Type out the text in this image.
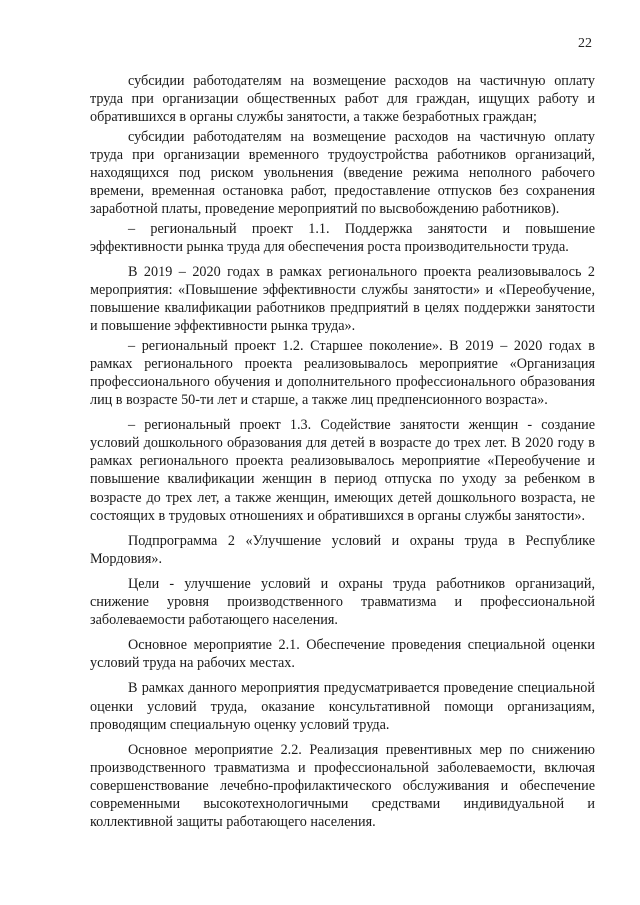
22

субсидии работодателям на возмещение расходов на частичную оплату труда при организации общественных работ для граждан, ищущих работу и обратившихся в органы службы занятости, а также безработных граждан;

субсидии работодателям на возмещение расходов на частичную оплату труда при организации временного трудоустройства работников организаций, находящихся под риском увольнения (введение режима неполного рабочего времени, временная остановка работ, предоставление отпусков без сохранения заработной платы, проведение мероприятий по высвобождению работников).

– региональный проект 1.1. Поддержка занятости и повышение эффективности рынка труда для обеспечения роста производительности труда.

В 2019 – 2020 годах в рамках регионального проекта реализовывалось 2 мероприятия: «Повышение эффективности службы занятости» и «Переобучение, повышение квалификации работников предприятий в целях поддержки занятости и повышение эффективности рынка труда».

– региональный проект 1.2. Старшее поколение». В 2019 – 2020 годах в рамках регионального проекта реализовывалось мероприятие «Организация профессионального обучения и дополнительного профессионального образования лиц в возрасте 50-ти лет и старше, а также лиц предпенсионного возраста».

– региональный проект 1.3. Содействие занятости женщин - создание условий дошкольного образования для детей в возрасте до трех лет. В 2020 году в рамках регионального проекта реализовывалось мероприятие «Переобучение и повышение квалификации женщин в период отпуска по уходу за ребенком в возрасте до трех лет, а также женщин, имеющих детей дошкольного возраста, не состоящих в трудовых отношениях и обратившихся в органы службы занятости».

Подпрограмма 2 «Улучшение условий и охраны труда в Республике Мордовия».

Цели - улучшение условий и охраны труда работников организаций, снижение уровня производственного травматизма и профессиональной заболеваемости работающего населения.

Основное мероприятие 2.1. Обеспечение проведения специальной оценки условий труда на рабочих местах.

В рамках данного мероприятия предусматривается проведение специальной оценки условий труда, оказание консультативной помощи организациям, проводящим специальную оценку условий труда.

Основное мероприятие 2.2. Реализация превентивных мер по снижению производственного травматизма и профессиональной заболеваемости, включая совершенствование лечебно-профилактического обслуживания и обеспечение современными высокотехнологичными средствами индивидуальной и коллективной защиты работающего населения.
